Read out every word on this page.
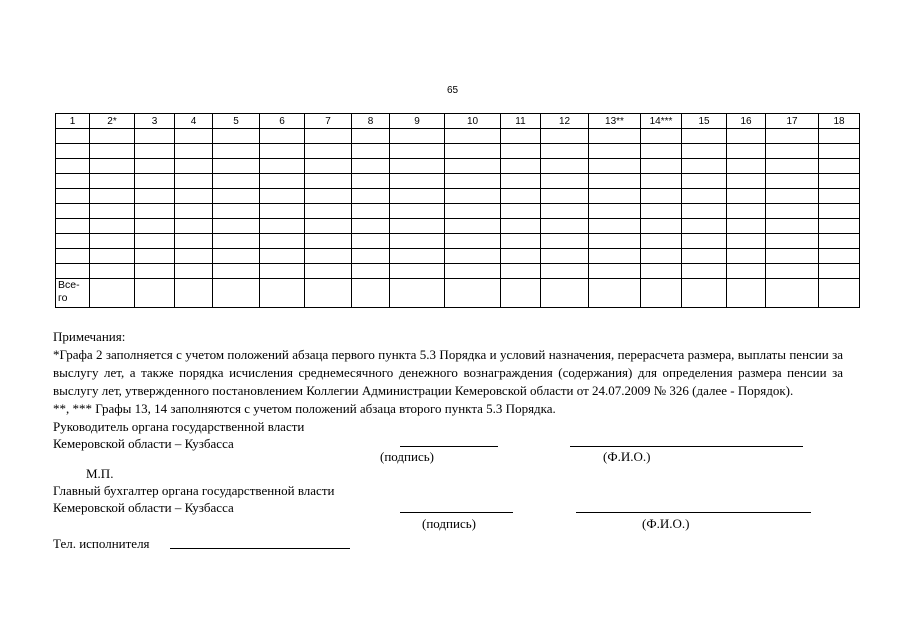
65
1	2*	3	4	5	6	7	8	9	10	11	12	13**	14***	15	16	17	18

Все-
го																	

Примечания:

*Графа 2 заполняется с учетом положений абзаца первого пункта 5.3 Порядка и условий назначения, перерасчета размера, выплаты пенсии за выслугу лет, а также порядка исчисления среднемесячного денежного вознаграждения (содержания) для определения размера пенсии за выслугу лет, утвержденного постановлением Коллегии Администрации Кемеровской области от 24.07.2009 № 326 (далее - Порядок).

**, *** Графы 13, 14 заполняются с учетом положений абзаца второго пункта 5.3 Порядка.

Руководитель органа государственной власти
Кемеровской области – Кузбасса
(подпись)	(Ф.И.О.)
М.П.
Главный бухгалтер органа государственной власти
Кемеровской области – Кузбасса
(подпись)	(Ф.И.О.)
Тел. исполнителя
